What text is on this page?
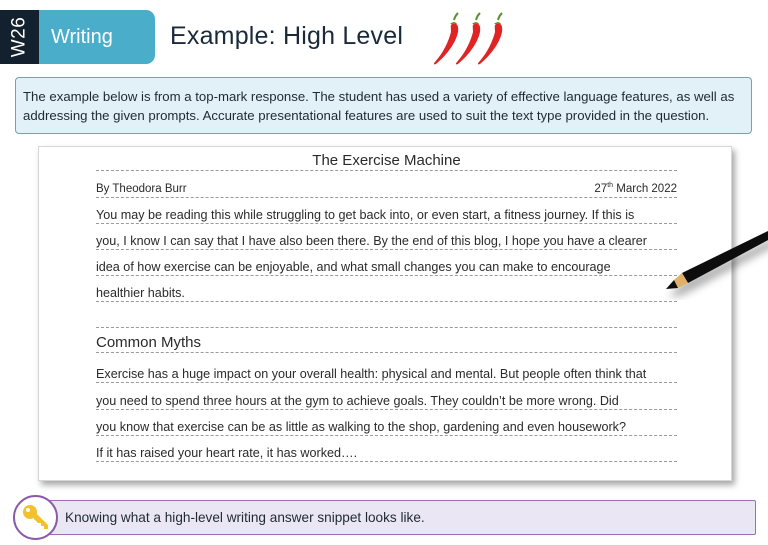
W26 Writing Example: High Level

The example below is from a top-mark response. The student has used a variety of effective language features, as well as addressing the given prompts. Accurate presentational features are used to suit the text type provided in the question.

The Exercise Machine
By Theodora Burr	27th March 2022
You may be reading this while struggling to get back into, or even start, a fitness journey. If this is
you, I know I can say that I have also been there. By the end of this blog, I hope you have a clearer
idea of how exercise can be enjoyable, and what small changes you can make to encourage
healthier habits.
Common Myths
Exercise has a huge impact on your overall health: physical and mental. But people often think that
you need to spend three hours at the gym to achieve goals. They couldn’t be more wrong. Did
you know that exercise can be as little as walking to the shop, gardening and even housework?
If it has raised your heart rate, it has worked….
Knowing what a high-level writing answer snippet looks like.
